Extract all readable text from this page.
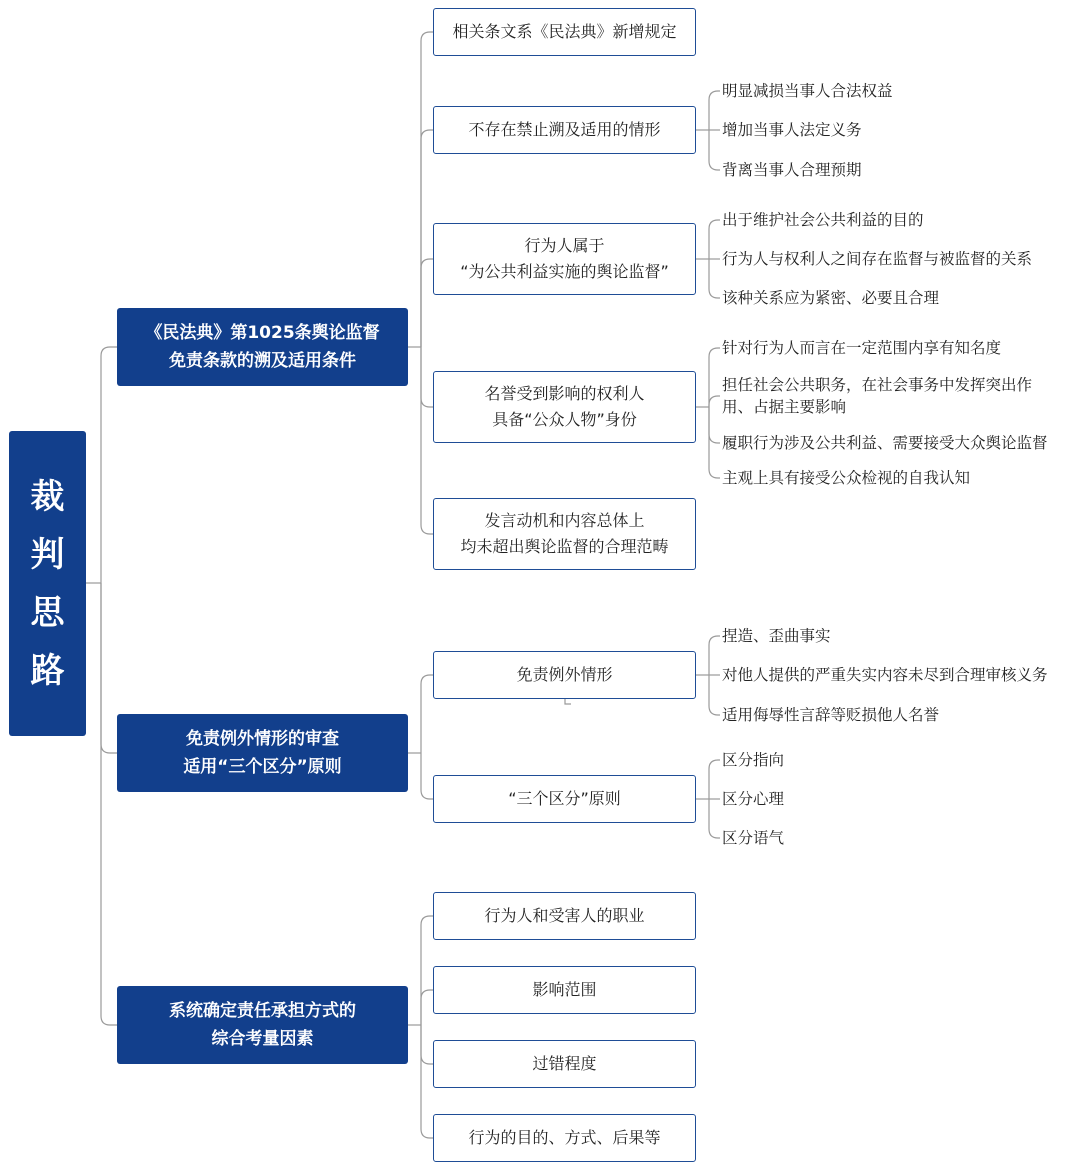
裁
判
思
路
《民法典》第1025条舆论监督
免责条款的溯及适用条件
相关条文系《民法典》新增规定
不存在禁止溯及适用的情形
明显减损当事人合法权益
增加当事人法定义务
背离当事人合理预期
行为人属于
“为公共利益实施的舆论监督”
出于维护社会公共利益的目的
行为人与权利人之间存在监督与被监督的关系
该种关系应为紧密、必要且合理
名誉受到影响的权利人
具备“公众人物”身份
针对行为人而言在一定范围内享有知名度
担任社会公共职务，在社会事务中发挥突出作
用、占据主要影响
履职行为涉及公共利益、需要接受大众舆论监督
主观上具有接受公众检视的自我认知
发言动机和内容总体上
均未超出舆论监督的合理范畴
免责例外情形的审查
适用“三个区分”原则
免责例外情形
捏造、歪曲事实
对他人提供的严重失实内容未尽到合理审核义务
适用侮辱性言辞等贬损他人名誉
“三个区分”原则
区分指向
区分心理
区分语气
系统确定责任承担方式的
综合考量因素
行为人和受害人的职业
影响范围
过错程度
行为的目的、方式、后果等
